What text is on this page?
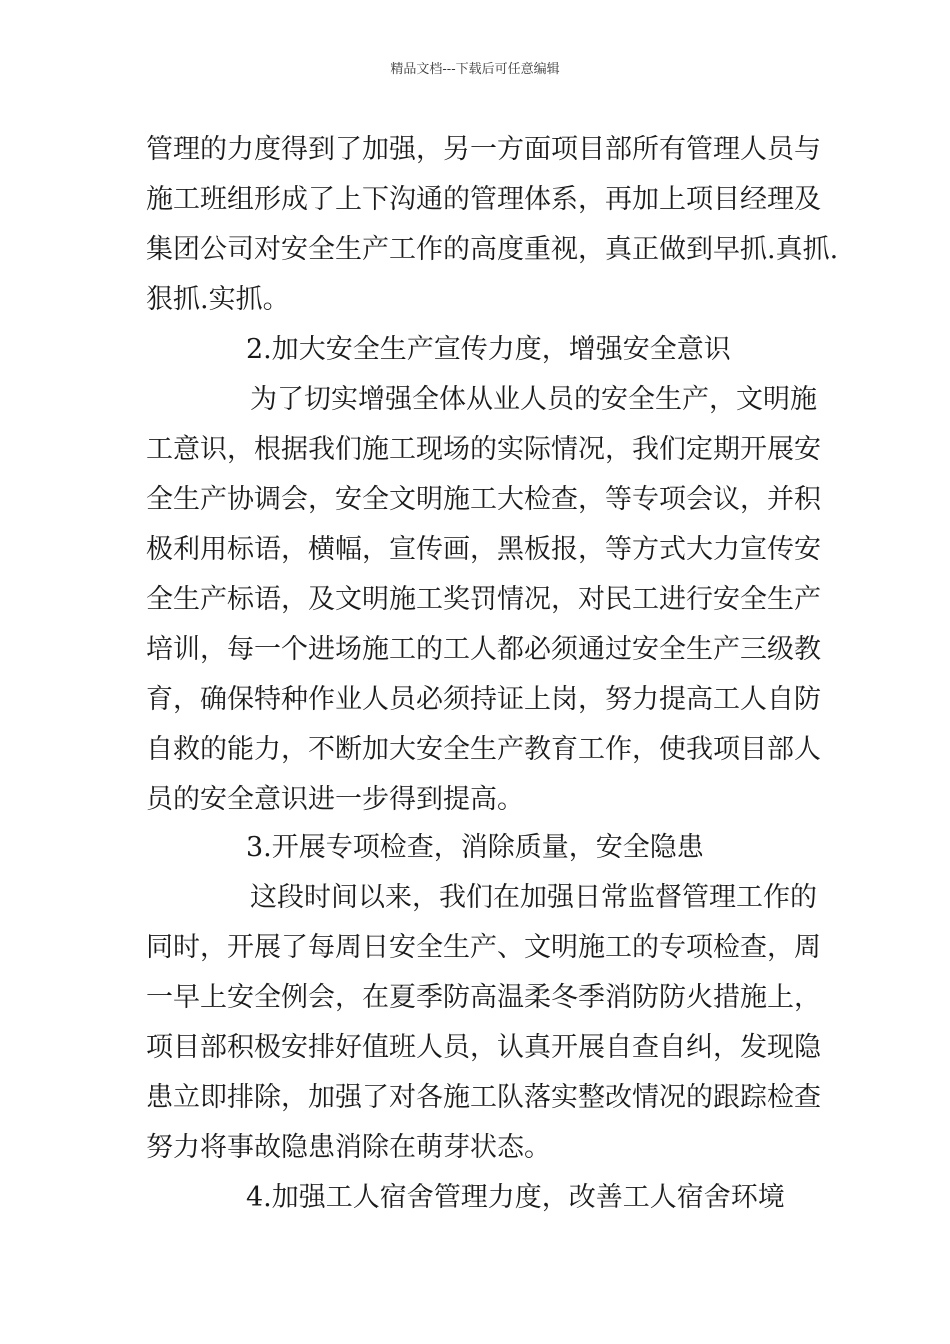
精品文档---下载后可任意编辑
管理的力度得到了加强，另一方面项目部所有管理人员与
施工班组形成了上下沟通的管理体系，再加上项目经理及
集团公司对安全生产工作的高度重视，真正做到早抓.真抓.
狠抓.实抓。
2.加大安全生产宣传力度，增强安全意识
为了切实增强全体从业人员的安全生产，文明施
工意识，根据我们施工现场的实际情况，我们定期开展安
全生产协调会，安全文明施工大检查，等专项会议，并积
极利用标语，横幅，宣传画，黑板报，等方式大力宣传安
全生产标语，及文明施工奖罚情况，对民工进行安全生产
培训，每一个进场施工的工人都必须通过安全生产三级教
育，确保特种作业人员必须持证上岗，努力提高工人自防
自救的能力，不断加大安全生产教育工作，使我项目部人
员的安全意识进一步得到提高。
3.开展专项检查，消除质量，安全隐患
这段时间以来，我们在加强日常监督管理工作的
同时，开展了每周日安全生产、文明施工的专项检查，周
一早上安全例会，在夏季防高温柔冬季消防防火措施上，
项目部积极安排好值班人员，认真开展自查自纠，发现隐
患立即排除，加强了对各施工队落实整改情况的跟踪检查
努力将事故隐患消除在萌芽状态。
4.加强工人宿舍管理力度，改善工人宿舍环境
